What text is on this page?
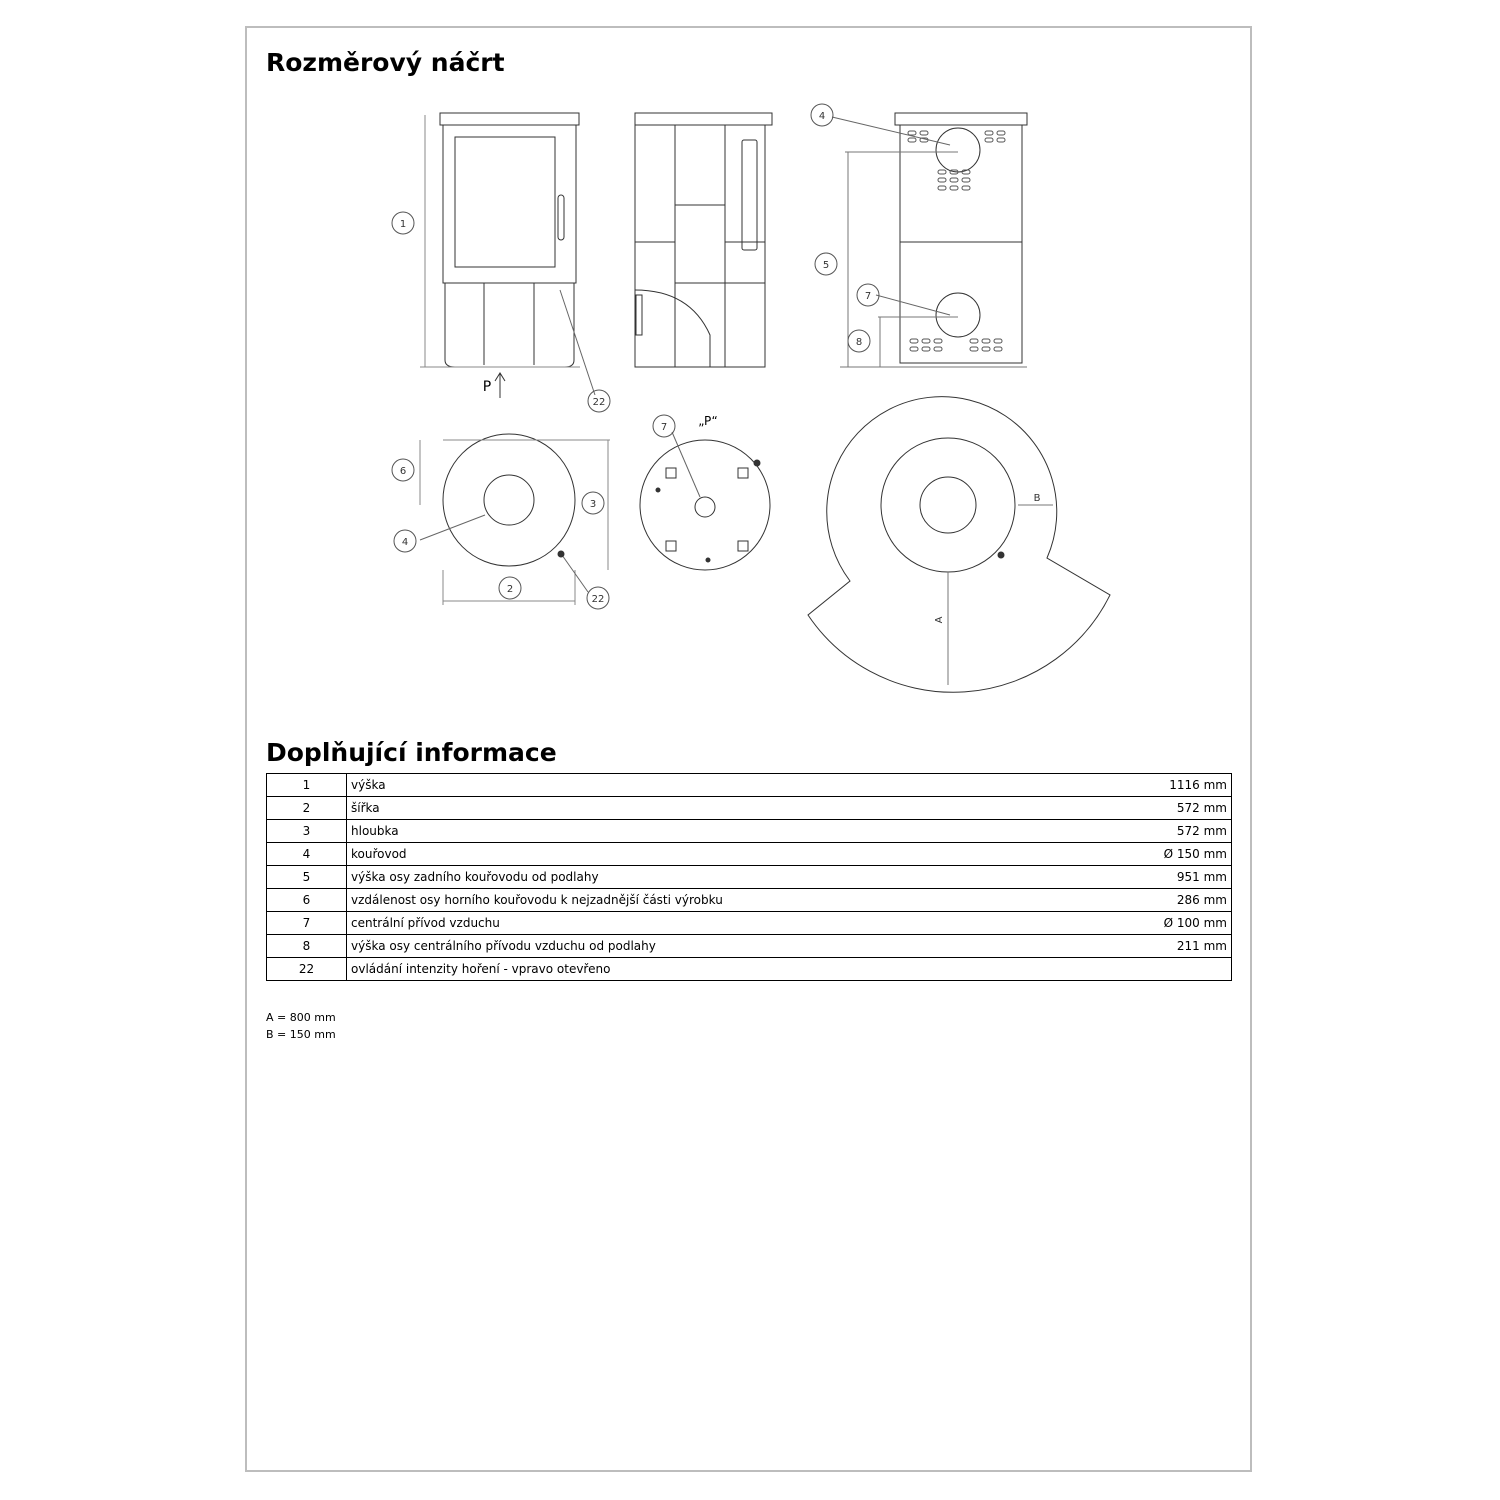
Rozměrový náčrt
1
22
4
5
7
8
6
3
4
2
22
7
A
B
P
„P“
Doplňující informace
1	výška	1116 mm
2	šířka	572 mm
3	hloubka	572 mm
4	kouřovod	Ø 150 mm
5	výška osy zadního kouřovodu od podlahy	951 mm
6	vzdálenost osy horního kouřovodu k nejzadnější části výrobku	286 mm
7	centrální přívod vzduchu	Ø 100 mm
8	výška osy centrálního přívodu vzduchu od podlahy	211 mm
22	ovládání intenzity hoření - vpravo otevřeno	
A = 800 mm
B = 150 mm
